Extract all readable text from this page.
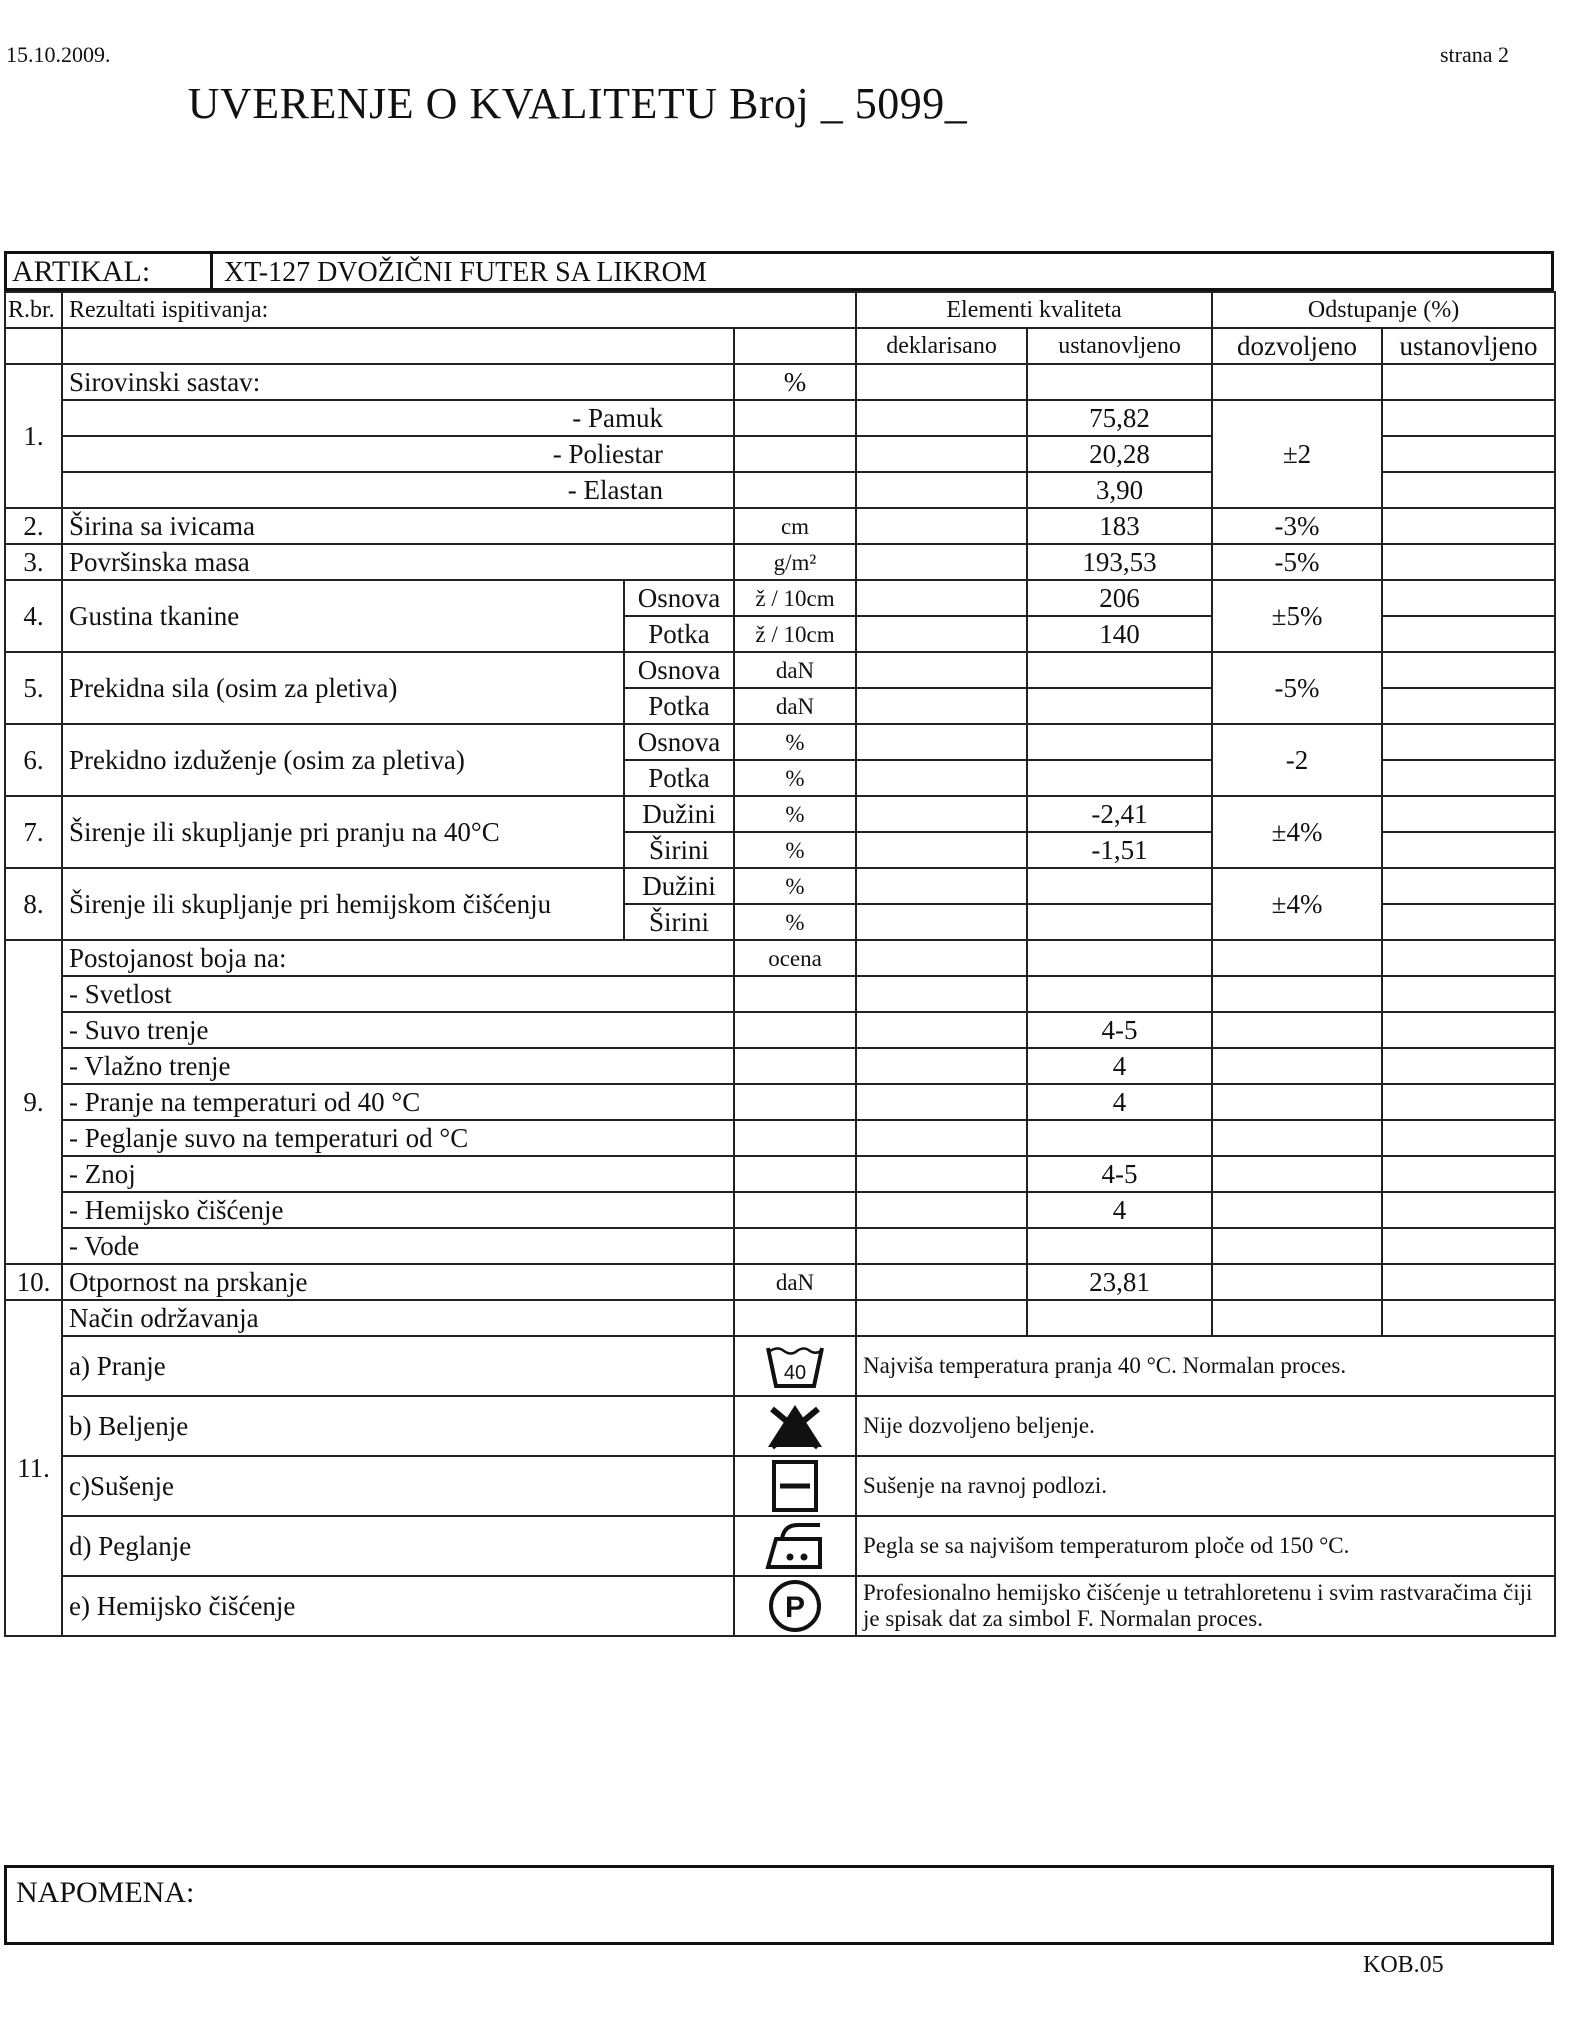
15.10.2009.	strana 2
UVERENJE O KVALITETU Broj _ 5099_
ARTIKAL:	XT-127 DVOŽIČNI FUTER SA LIKROM
R.br.	Rezultati ispitivanja:			Elementi kvaliteta		Odstupanje (%)	
				deklarisano	ustanovljeno	dozvoljeno	ustanovljeno
1.	Sirovinski sastav:		%				
	- Pamuk				75,82	±2	
	- Poliestar				20,28		
	- Elastan				3,90		
2.	Širina sa ivicama		cm		183	-3%	
3.	Površinska masa		g/m²		193,53	-5%	
4.	Gustina tkanine	Osnova	ž / 10cm		206	±5%	
		Potka	ž / 10cm		140		
5.	Prekidna sila (osim za pletiva)	Osnova	daN			-5%	
		Potka	daN				
6.	Prekidno izduženje (osim za pletiva)	Osnova	%			-2	
		Potka	%				
7.	Širenje ili skupljanje pri pranju na 40°C	Dužini	%		-2,41	±4%	
		Širini	%		-1,51		
8.	Širenje ili skupljanje pri hemijskom čišćenju	Dužini	%			±4%	
		Širini	%				
9.	Postojanost boja na:		ocena				
	- Svetlost						
	- Suvo trenje				4-5		
	- Vlažno trenje				4		
	- Pranje na temperaturi od 40 °C				4		
	- Peglanje suvo na temperaturi od °C						
	- Znoj				4-5		
	- Hemijsko čišćenje				4		
	- Vode						
10.	Otpornost na prskanje		daN		23,81		
11.	Način održavanja						
	a) Pranje		40	Najviša temperatura pranja 40 °C. Normalan proces.			
	b) Beljenje			Nije dozvoljeno beljenje.			
	c)Sušenje			Sušenje na ravnoj podlozi.			
	d) Peglanje			Pegla se sa najvišom temperaturom ploče od 150 °C.			
	e) Hemijsko čišćenje		P	Profesionalno hemijsko čišćenje u tetrahloretenu i svim rastvaračima čiji je spisak dat za simbol F. Normalan proces.			
NAPOMENA:
KOB.05
